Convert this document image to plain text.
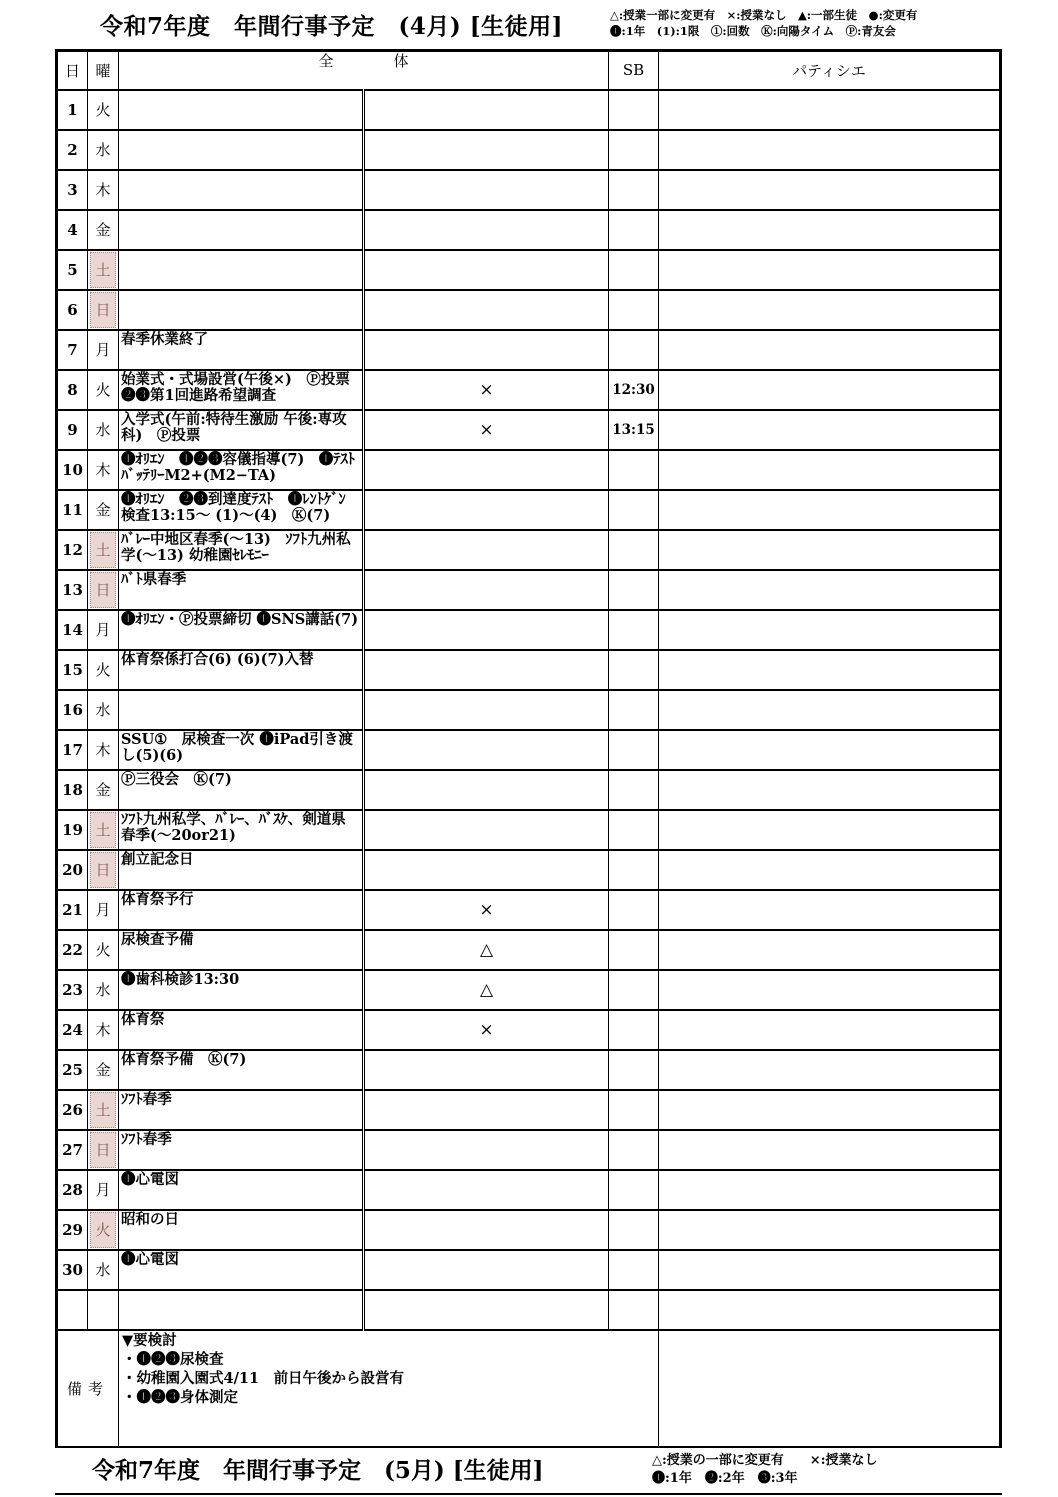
令和7年度　年間行事予定　(4月) [生徒用]	△:授業一部に変更有　×:授業なし　▲:一部生徒　●:変更有
❶:1年　(1):1限　①:回数　Ⓚ:向陽タイム　Ⓟ:青友会
日	曜	全　　　　体		SB	パティシエ
1	火				
2	水				
3	木				
4	金				
5	土				
6	日				
7	月	春季休業終了			
8	火	始業式・式場設営(午後×)　Ⓟ投票　❷❸第1回進路希望調査	×	12:30	
9	水	入学式(午前:特待生激励 午後:専攻科)　Ⓟ投票	×	13:15	
10	木	❶ｵﾘｴﾝ　❶❷❸容儀指導(7)　❶ﾃｽﾄﾊﾞｯﾃﾘｰM2+(M2−TA)			
11	金	❶ｵﾘｴﾝ　❷❸到達度ﾃｽﾄ　❶ﾚﾝﾄｹﾞﾝ検査13:15〜 (1)〜(4)　Ⓚ(7)			
12	土	ﾊﾞﾚｰ中地区春季(〜13)　ｿﾌﾄ九州私学(〜13) 幼稚園ｾﾚﾓﾆｰ			
13	日	ﾊﾞﾄ県春季			
14	月	❶ｵﾘｴﾝ・Ⓟ投票締切 ❶SNS講話(7)			
15	火	体育祭係打合(6) (6)(7)入替			
16	水				
17	木	SSU①　尿検査一次 ❶iPad引き渡し(5)(6)			
18	金	Ⓟ三役会　Ⓚ(7)			
19	土	ｿﾌﾄ九州私学、ﾊﾞﾚｰ、ﾊﾞｽｹ、剣道県春季(〜20or21)			
20	日	創立記念日			
21	月	体育祭予行	×		
22	火	尿検査予備	△		
23	水	❶歯科検診13:30	△		
24	木	体育祭	×		
25	金	体育祭予備　Ⓚ(7)			
26	土	ｿﾌﾄ春季			
27	日	ｿﾌﾄ春季			
28	月	❶心電図			
29	火	昭和の日			
30	水	❶心電図			

備考		▼要検討
・❶❷❸尿検査
・幼稚園入園式4/11　前日午後から設営有
・❶❷❸身体測定			

令和7年度　年間行事予定　(5月) [生徒用]	△:授業の一部に変更有　　×:授業なし
❶:1年　❷:2年　❸:3年
